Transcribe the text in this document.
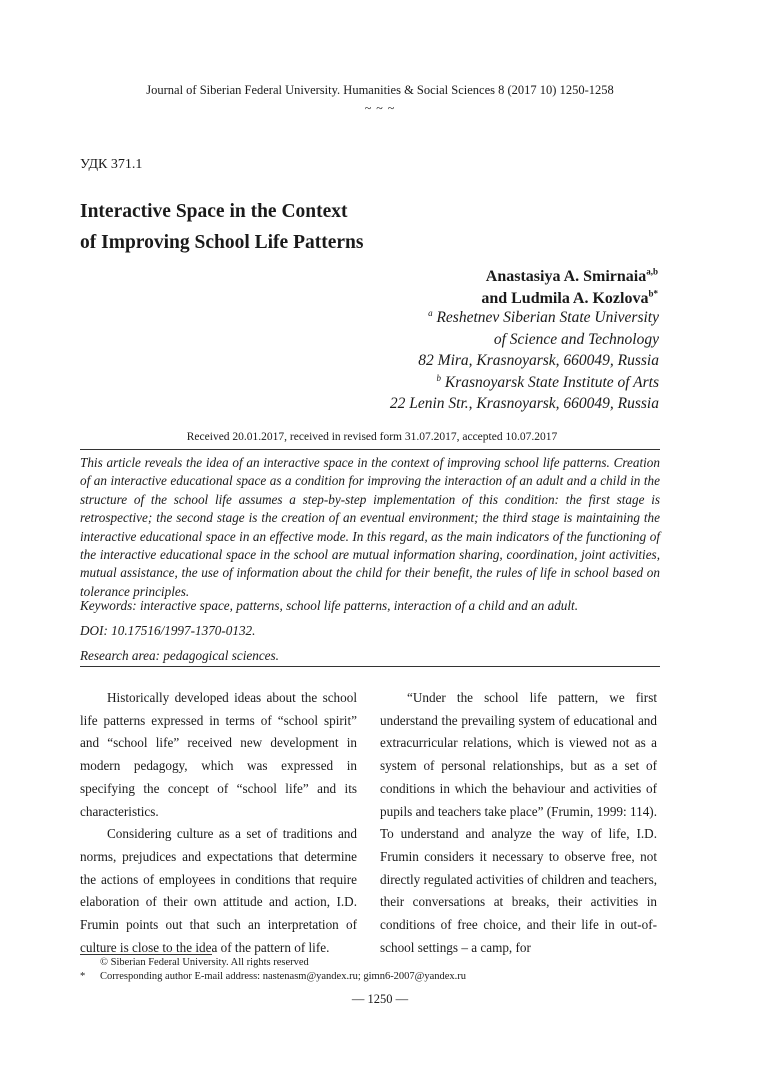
Journal of Siberian Federal University. Humanities & Social Sciences 8 (2017 10) 1250-1258
~ ~ ~
УДК 371.1
Interactive Space in the Context
of Improving School Life Patterns
Anastasiya A. Smirnaia$^{a,b}$
and Ludmila A. Kozlova$^{b*}$
$^a$ Reshetnev Siberian State University
of Science and Technology
82 Mira, Krasnoyarsk, 660049, Russia
$^b$ Krasnoyarsk State Institute of Arts
22 Lenin Str., Krasnoyarsk, 660049, Russia
Received 20.01.2017, received in revised form 31.07.2017, accepted 10.07.2017
This article reveals the idea of an interactive space in the context of improving school life patterns. Creation of an interactive educational space as a condition for improving the interaction of an adult and a child in the structure of the school life assumes a step-by-step implementation of this condition: the first stage is retrospective; the second stage is the creation of an eventual environment; the third stage is maintaining the interactive educational space in an effective mode. In this regard, as the main indicators of the functioning of the interactive educational space in the school are mutual information sharing, coordination, joint activities, mutual assistance, the use of information about the child for their benefit, the rules of life in school based on tolerance principles.
Keywords: interactive space, patterns, school life patterns, interaction of a child and an adult.
DOI: 10.17516/1997-1370-0132.
Research area: pedagogical sciences.

Historically developed ideas about the school life patterns expressed in terms of “school spirit” and “school life” received new development in modern pedagogy, which was expressed in specifying the concept of “school life” and its characteristics.

Considering culture as a set of traditions and norms, prejudices and expectations that determine the actions of employees in conditions that require elaboration of their own attitude and action, I.D. Frumin points out that such an interpretation of culture is close to the idea of the pattern of life.

“Under the school life pattern, we first understand the prevailing system of educational and extracurricular relations, which is viewed not as a system of personal relationships, but as a set of conditions in which the behaviour and activities of pupils and teachers take place” (Frumin, 1999: 114). To understand and analyze the way of life, I.D. Frumin considers it necessary to observe free, not directly regulated activities of children and teachers, their conversations at breaks, their activities in conditions of free choice, and their life in out-of-school settings – a camp, for

© Siberian Federal University. All rights reserved
* Corresponding author E-mail address: nastenasm@yandex.ru; gimn6-2007@yandex.ru
— 1250 —
